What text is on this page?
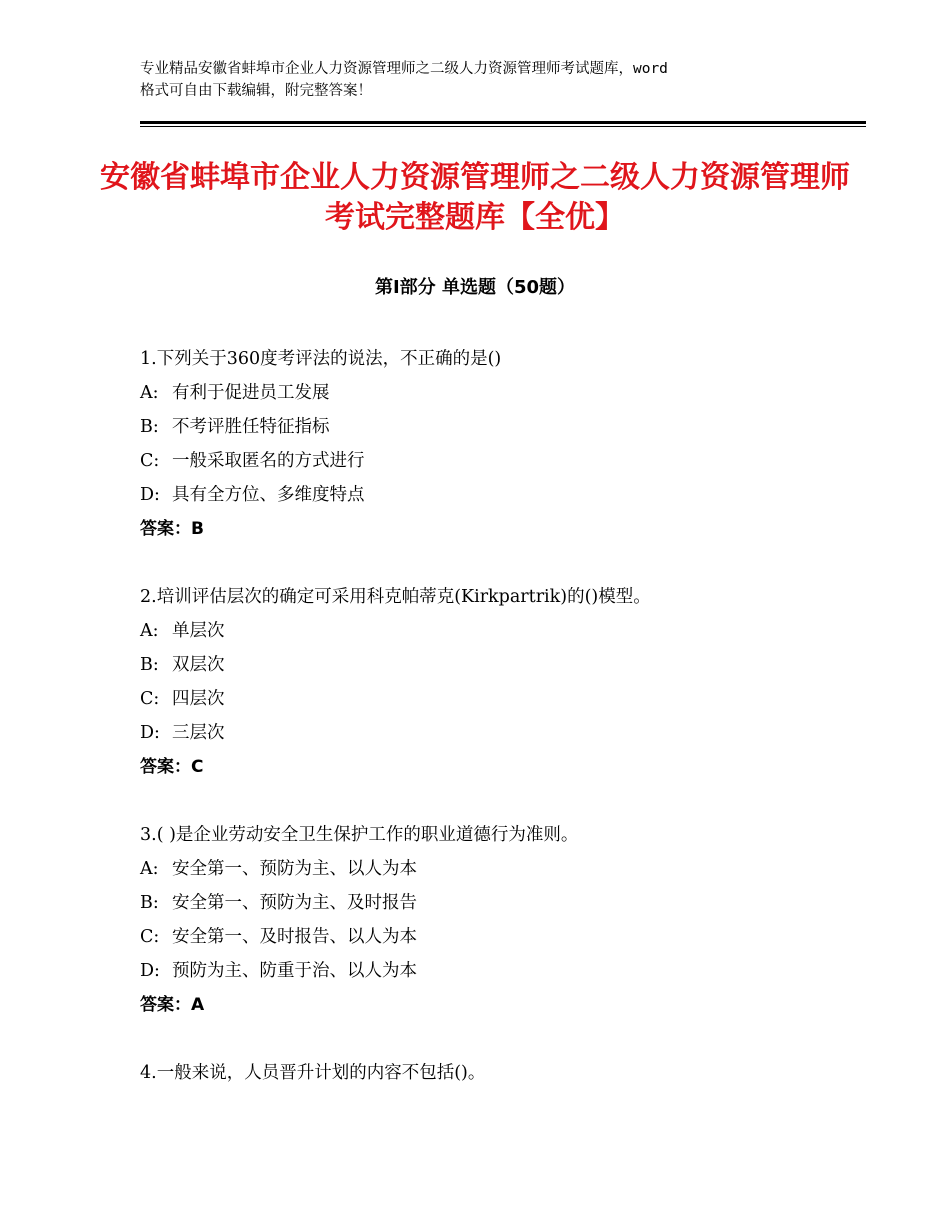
专业精品安徽省蚌埠市企业人力资源管理师之二级人力资源管理师考试题库，word
格式可自由下载编辑，附完整答案！
安徽省蚌埠市企业人力资源管理师之二级人力资源管理师考试完整题库【全优】
第Ⅰ部分 单选题（50题）
1.下列关于360度考评法的说法，不正确的是()
A: 有利于促进员工发展
B: 不考评胜任特征指标
C: 一般采取匿名的方式进行
D: 具有全方位、多维度特点
答案：B
2.培训评估层次的确定可采用科克帕蒂克(Kirkpartrik)的()模型。
A: 单层次
B: 双层次
C: 四层次
D: 三层次
答案：C
3.( )是企业劳动安全卫生保护工作的职业道德行为准则。
A: 安全第一、预防为主、以人为本
B: 安全第一、预防为主、及时报告
C: 安全第一、及时报告、以人为本
D: 预防为主、防重于治、以人为本
答案：A
4.一般来说，人员晋升计划的内容不包括()。
